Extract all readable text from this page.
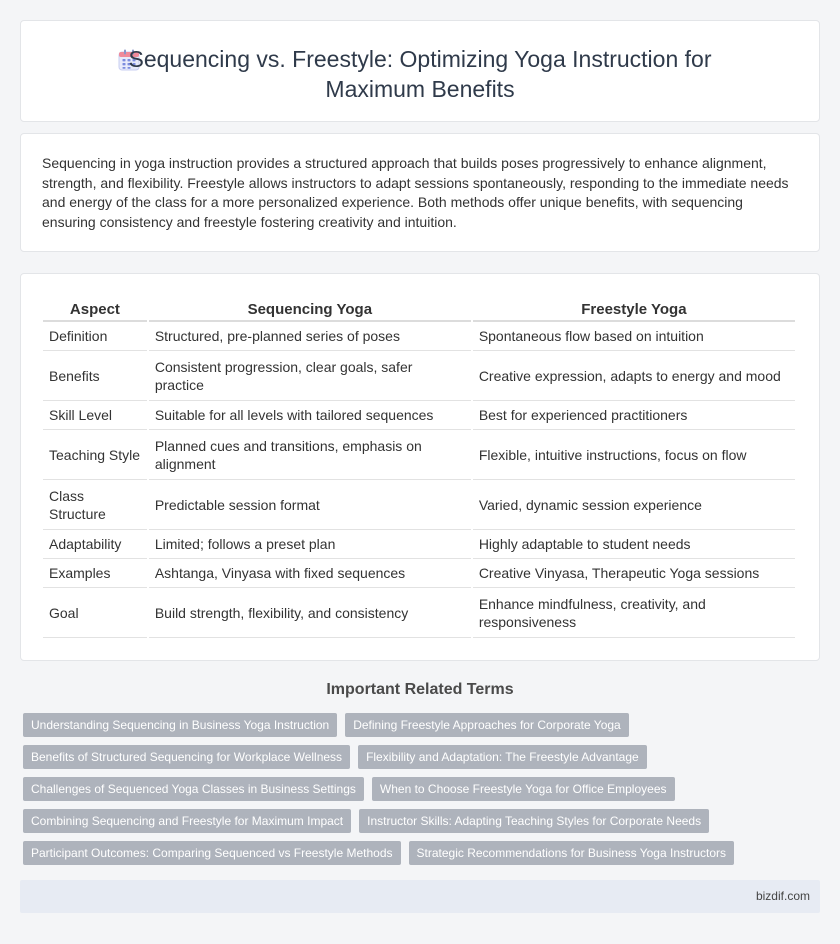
Sequencing vs. Freestyle: Optimizing Yoga Instruction for Maximum Benefits

Sequencing in yoga instruction provides a structured approach that builds poses progressively to enhance alignment, strength, and flexibility. Freestyle allows instructors to adapt sessions spontaneously, responding to the immediate needs and energy of the class for a more personalized experience. Both methods offer unique benefits, with sequencing ensuring consistency and freestyle fostering creativity and intuition.

Aspect	Sequencing Yoga	Freestyle Yoga
Definition	Structured, pre-planned series of poses	Spontaneous flow based on intuition
Benefits	Consistent progression, clear goals, safer practice	Creative expression, adapts to energy and mood
Skill Level	Suitable for all levels with tailored sequences	Best for experienced practitioners
Teaching Style	Planned cues and transitions, emphasis on alignment	Flexible, intuitive instructions, focus on flow
Class Structure	Predictable session format	Varied, dynamic session experience
Adaptability	Limited; follows a preset plan	Highly adaptable to student needs
Examples	Ashtanga, Vinyasa with fixed sequences	Creative Vinyasa, Therapeutic Yoga sessions
Goal	Build strength, flexibility, and consistency	Enhance mindfulness, creativity, and responsiveness
Important Related Terms
Understanding Sequencing in Business Yoga Instruction	Defining Freestyle Approaches for Corporate Yoga
Benefits of Structured Sequencing for Workplace Wellness	Flexibility and Adaptation: The Freestyle Advantage
Challenges of Sequenced Yoga Classes in Business Settings	When to Choose Freestyle Yoga for Office Employees
Combining Sequencing and Freestyle for Maximum Impact	Instructor Skills: Adapting Teaching Styles for Corporate Needs
Participant Outcomes: Comparing Sequenced vs Freestyle Methods	Strategic Recommendations for Business Yoga Instructors
bizdif.com
